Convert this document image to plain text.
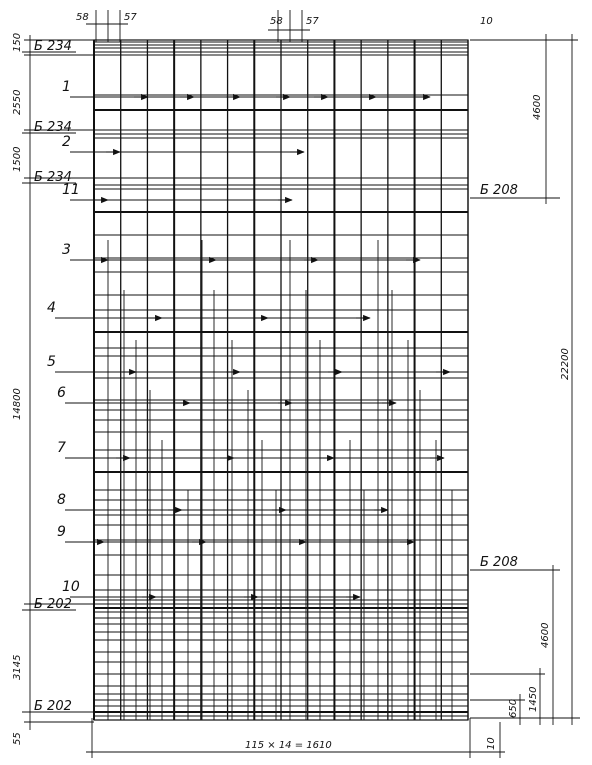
58	57	58 57	10
150
2550
1500
14800
3145
55
115 × 14 = 1610	10
4600
22200
4600
1450
650
Б 234
Б 234
Б 234
Б 202
Б 202
Б 208
Б 208
1
2
11
3
4
5
6
7
8
9
10
